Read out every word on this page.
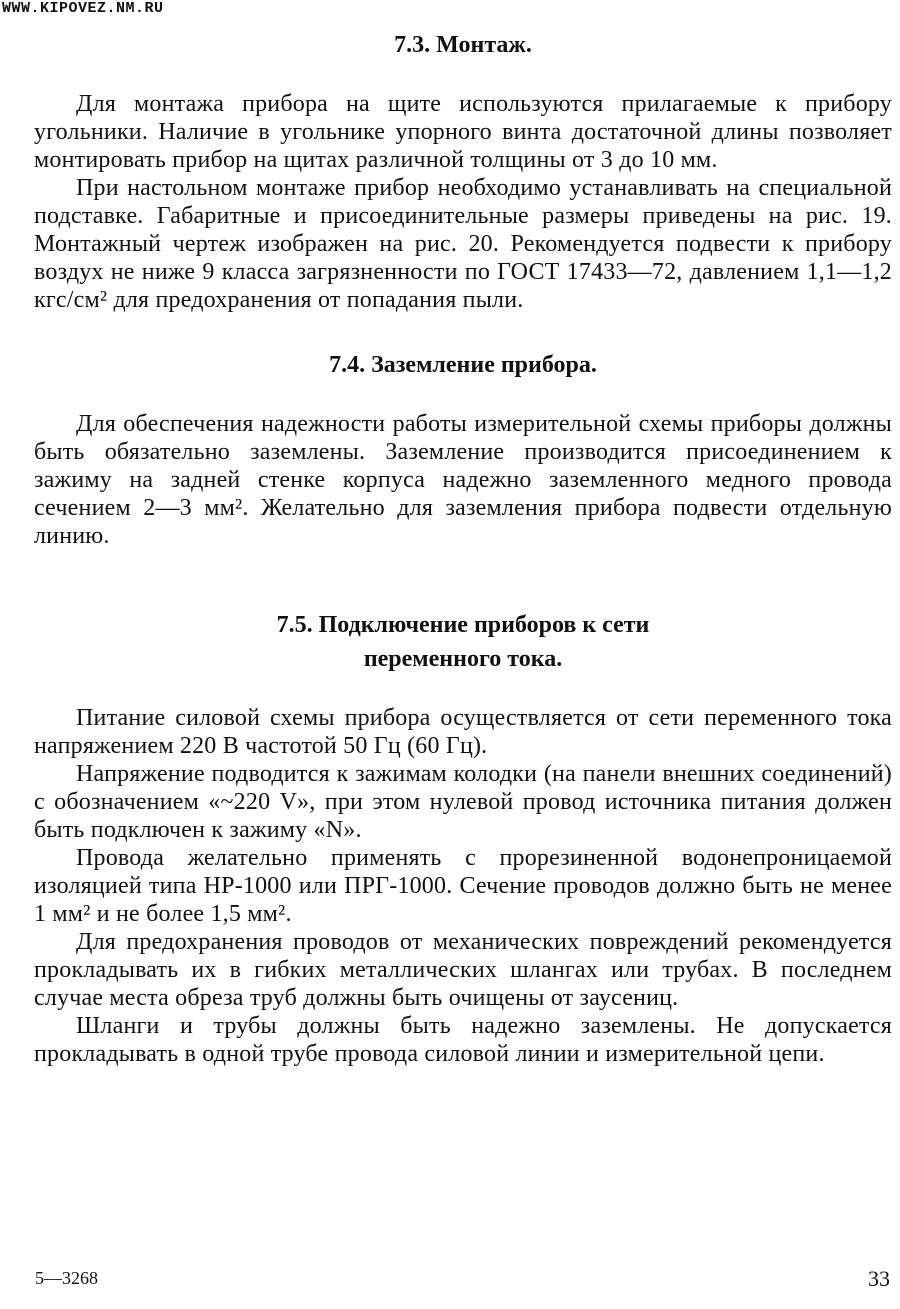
WWW.KIPOVEZ.NM.RU
7.3. Монтаж.

Для монтажа прибора на щите используются прилагаемые к прибору угольники. Наличие в угольнике упорного винта достаточной длины позволяет монтировать прибор на щитах различной толщины от 3 до 10 мм.

При настольном монтаже прибор необходимо устанавливать на специальной подставке. Габаритные и присоединительные размеры приведены на рис. 19. Монтажный чертеж изображен на рис. 20. Рекомендуется подвести к прибору воздух не ниже 9 класса загрязненности по ГОСТ 17433—72, давлением 1,1—1,2 кгс/см² для предохранения от попадания пыли.

7.4. Заземление прибора.

Для обеспечения надежности работы измерительной схемы приборы должны быть обязательно заземлены. Заземление производится присоединением к зажиму на задней стенке корпуса надежно заземленного медного провода сечением 2—3 мм². Желательно для заземления прибора подвести отдельную линию.

7.5. Подключение приборов к сети
переменного тока.

Питание силовой схемы прибора осуществляется от сети переменного тока напряжением 220 В частотой 50 Гц (60 Гц).

Напряжение подводится к зажимам колодки (на панели внешних соединений) с обозначением «~220 V», при этом нулевой провод источника питания должен быть подключен к зажиму «N».

Провода желательно применять с прорезиненной водонепроницаемой изоляцией типа НР-1000 или ПРГ-1000. Сечение проводов должно быть не менее 1 мм² и не более 1,5 мм².

Для предохранения проводов от механических повреждений рекомендуется прокладывать их в гибких металлических шлангах или трубах. В последнем случае места обреза труб должны быть очищены от заусениц.

Шланги и трубы должны быть надежно заземлены. Не допускается прокладывать в одной трубе провода силовой линии и измерительной цепи.

5—3268	33
